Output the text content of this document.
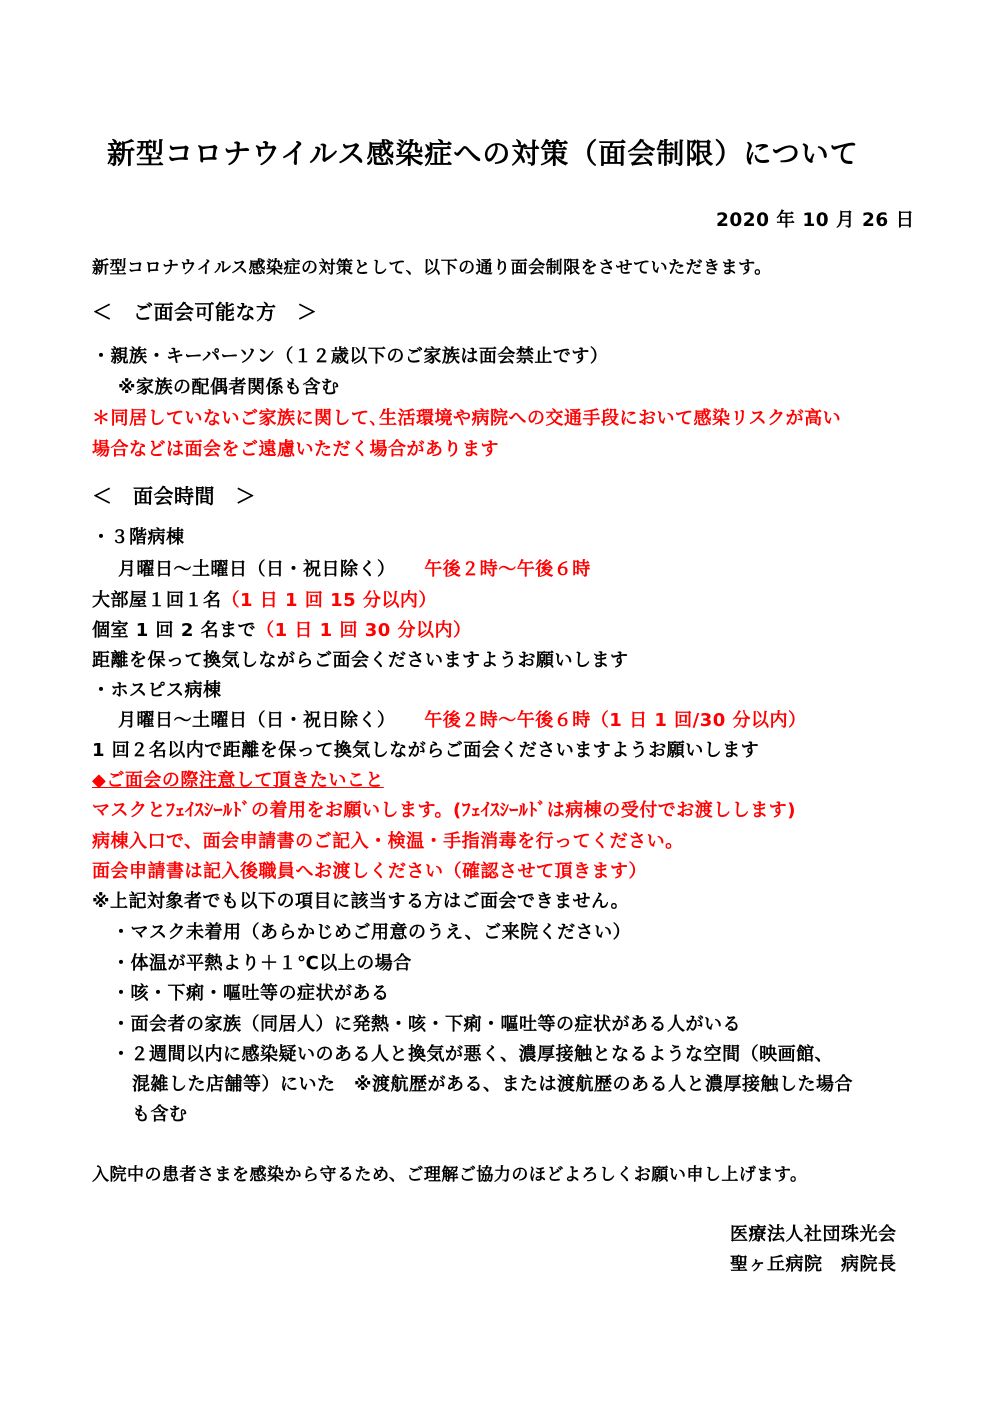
新型コロナウイルス感染症への対策（面会制限）について
2020 年 10 月 26 日
新型コロナウイルス感染症の対策として、以下の通り面会制限をさせていただきます。
＜　ご面会可能な方　＞
・親族・キーパーソン（１２歳以下のご家族は面会禁止です）
※家族の配偶者関係も含む
＊同居していないご家族に関して､生活環境や病院への交通手段において感染リスクが高い
場合などは面会をご遠慮いただく場合があります
＜　面会時間　＞
・３階病棟
月曜日～土曜日（日・祝日除く） 午後２時～午後６時
大部屋１回１名（1 日 1 回 15 分以内）
個室 1 回 2 名まで（1 日 1 回 30 分以内）
距離を保って換気しながらご面会くださいますようお願いします
・ホスピス病棟
月曜日～土曜日（日・祝日除く） 午後２時～午後６時（1 日 1 回/30 分以内）
1 回２名以内で距離を保って換気しながらご面会くださいますようお願いします
◆ご面会の際注意して頂きたいこと
マスクとﾌｪｲｽｼｰﾙﾄﾞの着用をお願いします。(ﾌｪｲｽｼｰﾙﾄﾞは病棟の受付でお渡しします)
病棟入口で、面会申請書のご記入・検温・手指消毒を行ってください。
面会申請書は記入後職員へお渡しください（確認させて頂きます）
※上記対象者でも以下の項目に該当する方はご面会できません。
・マスク未着用（あらかじめご用意のうえ、ご来院ください）
・体温が平熱より＋１℃以上の場合
・咳・下痢・嘔吐等の症状がある
・面会者の家族（同居人）に発熱・咳・下痢・嘔吐等の症状がある人がいる
・２週間以内に感染疑いのある人と換気が悪く、濃厚接触となるような空間（映画館、
混雑した店舗等）にいた　※渡航歴がある、または渡航歴のある人と濃厚接触した場合
も含む
入院中の患者さまを感染から守るため、ご理解ご協力のほどよろしくお願い申し上げます。
医療法人社団珠光会
聖ヶ丘病院　病院長
